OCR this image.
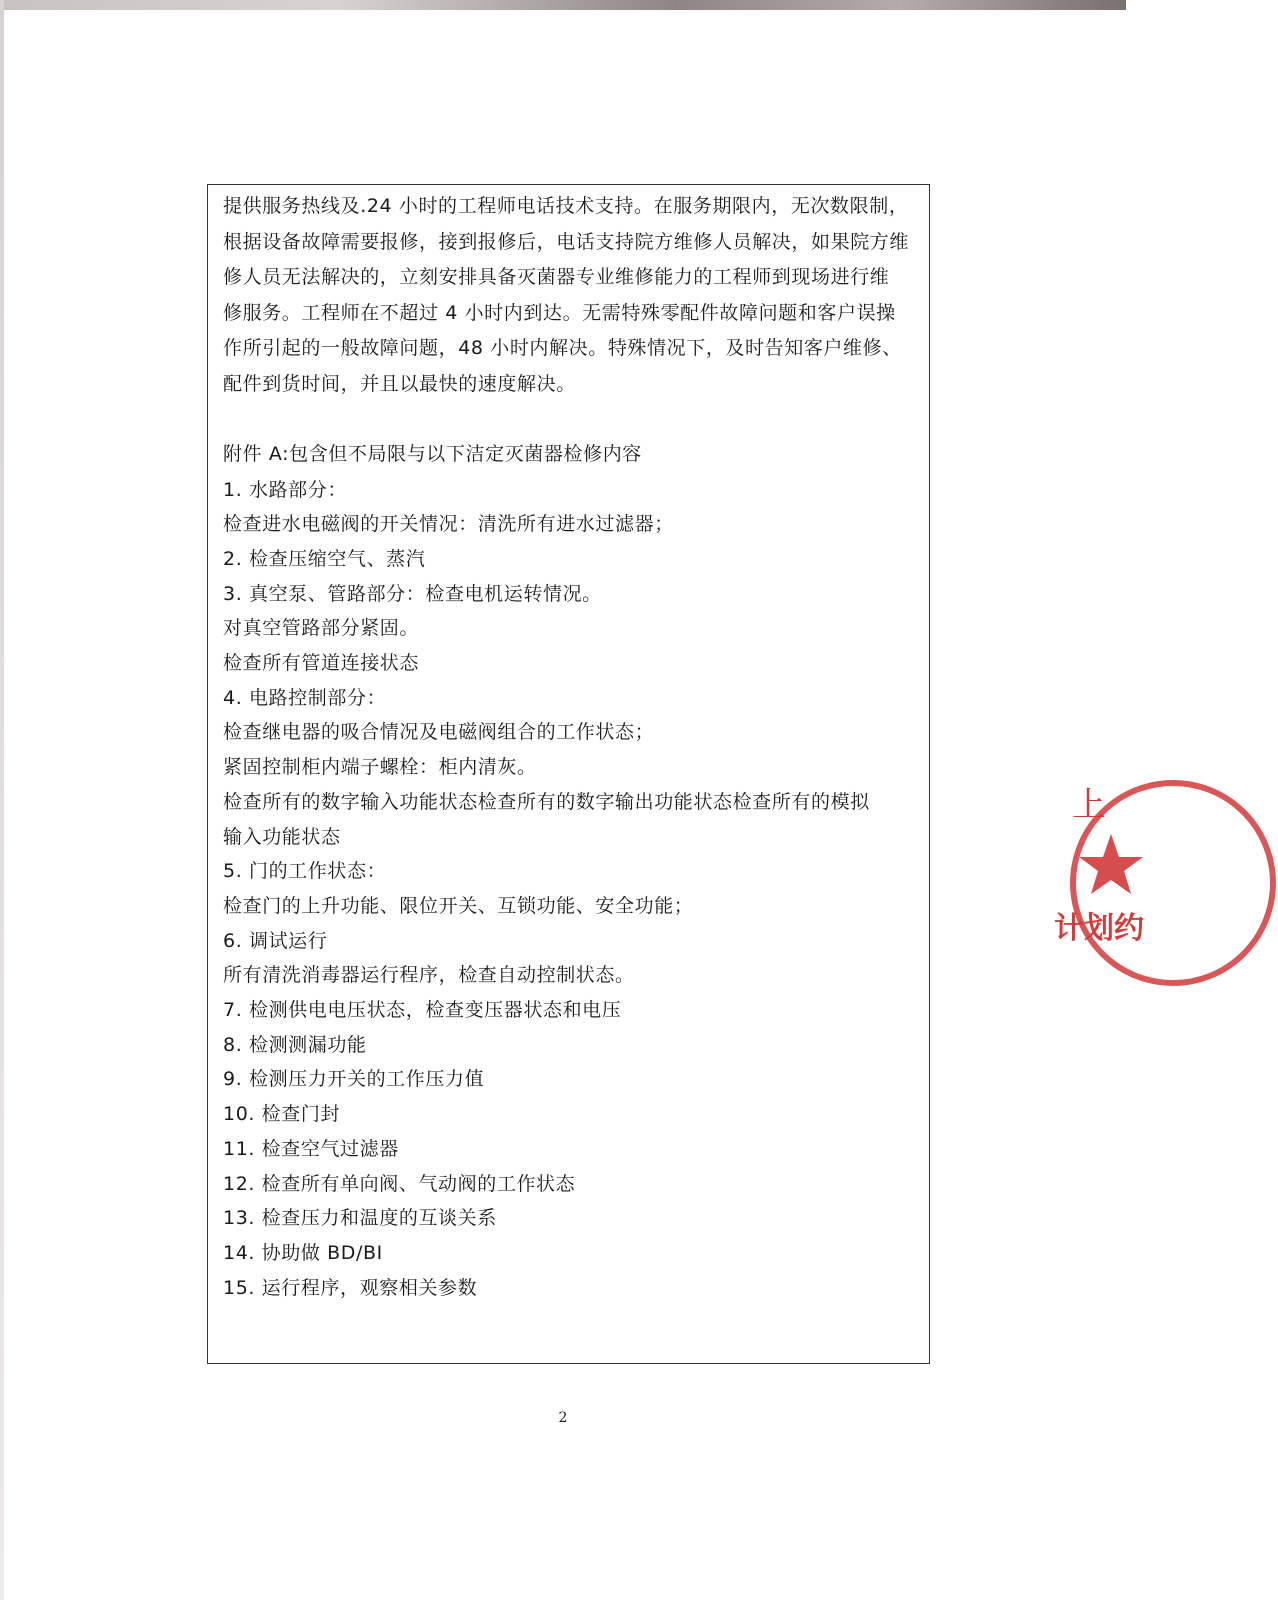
提供服务热线及.24 小时的工程师电话技术支持。在服务期限内，无次数限制，
根据设备故障需要报修，接到报修后，电话支持院方维修人员解决，如果院方维
修人员无法解决的，立刻安排具备灭菌器专业维修能力的工程师到现场进行维
修服务。工程师在不超过 4 小时内到达。无需特殊零配件故障问题和客户误操
作所引起的一般故障问题，48 小时内解决。特殊情况下，及时告知客户维修、
配件到货时间，并且以最快的速度解决。
附件 A:包含但不局限与以下洁定灭菌器检修内容
1. 水路部分：
检查进水电磁阀的开关情况：清洗所有进水过滤器；
2. 检查压缩空气、蒸汽
3. 真空泵、管路部分：检查电机运转情况。
对真空管路部分紧固。
检查所有管道连接状态
4. 电路控制部分：
检查继电器的吸合情况及电磁阀组合的工作状态；
紧固控制柜内端子螺栓：柜内清灰。
检查所有的数字输入功能状态检查所有的数字输出功能状态检查所有的模拟
输入功能状态
5. 门的工作状态：
检查门的上升功能、限位开关、互锁功能、安全功能；
6. 调试运行
所有清洗消毒器运行程序，检查自动控制状态。
7. 检测供电电压状态，检查变压器状态和电压
8. 检测测漏功能
9. 检测压力开关的工作压力值
10. 检查门封
11. 检查空气过滤器
12. 检查所有单向阀、气动阀的工作状态
13. 检查压力和温度的互谈关系
14. 协助做 BD/BI
15. 运行程序，观察相关参数
2
上
计划约
